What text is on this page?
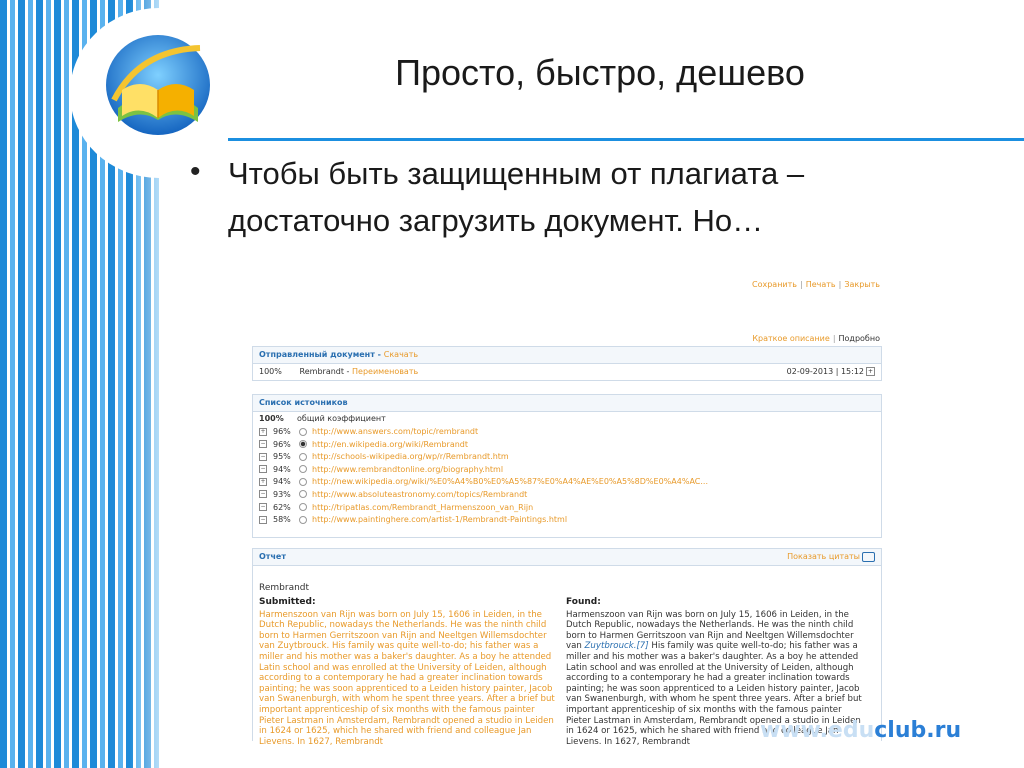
Просто, быстро, дешево
• Чтобы быть защищенным от плагиата – достаточно загрузить документ. Но…
Сохранить | Печать | Закрыть
Краткое описание | Подробно
Отправленный документ - Скачать
100% Rembrandt - Переименовать	02-09-2013 | 15:12 +
Список источников
100% общий коэффициент
+ 96%	http://www.answers.com/topic/rembrandt
− 96%	http://en.wikipedia.org/wiki/Rembrandt
− 95%	http://schools-wikipedia.org/wp/r/Rembrandt.htm
− 94%	http://www.rembrandtonline.org/biography.html
+ 94%	http://new.wikipedia.org/wiki/%E0%A4%B0%E0%A5%87%E0%A4%AE%E0%A5%8D%E0%A4%AC...
− 93%	http://www.absoluteastronomy.com/topics/Rembrandt
− 62%	http://tripatlas.com/Rembrandt_Harmenszoon_van_Rijn
− 58%	http://www.paintinghere.com/artist-1/Rembrandt-Paintings.html
Отчет	Показать цитаты
Rembrandt
Submitted:
Harmenszoon van Rijn was born on July 15, 1606 in Leiden, in the Dutch Republic, nowadays the Netherlands. He was the ninth child born to Harmen Gerritszoon van Rijn and Neeltgen Willemsdochter van Zuytbrouck. His family was quite well-to-do; his father was a miller and his mother was a baker's daughter. As a boy he attended Latin school and was enrolled at the University of Leiden, although according to a contemporary he had a greater inclination towards painting; he was soon apprenticed to a Leiden history painter, Jacob van Swanenburgh, with whom he spent three years. After a brief but important apprenticeship of six months with the famous painter Pieter Lastman in Amsterdam, Rembrandt opened a studio in Leiden in 1624 or 1625, which he shared with friend and colleague Jan Lievens. In 1627, Rembrandt
Found:
Harmenszoon van Rijn was born on July 15, 1606 in Leiden, in the Dutch Republic, nowadays the Netherlands. He was the ninth child born to Harmen Gerritszoon van Rijn and Neeltgen Willemsdochter van Zuytbrouck.[7] His family was quite well-to-do; his father was a miller and his mother was a baker's daughter. As a boy he attended Latin school and was enrolled at the University of Leiden, although according to a contemporary he had a greater inclination towards painting; he was soon apprenticed to a Leiden history painter, Jacob van Swanenburgh, with whom he spent three years. After a brief but important apprenticeship of six months with the famous painter Pieter Lastman in Amsterdam, Rembrandt opened a studio in Leiden in 1624 or 1625, which he shared with friend and colleague Jan Lievens. In 1627, Rembrandt	www.educlub.ru
